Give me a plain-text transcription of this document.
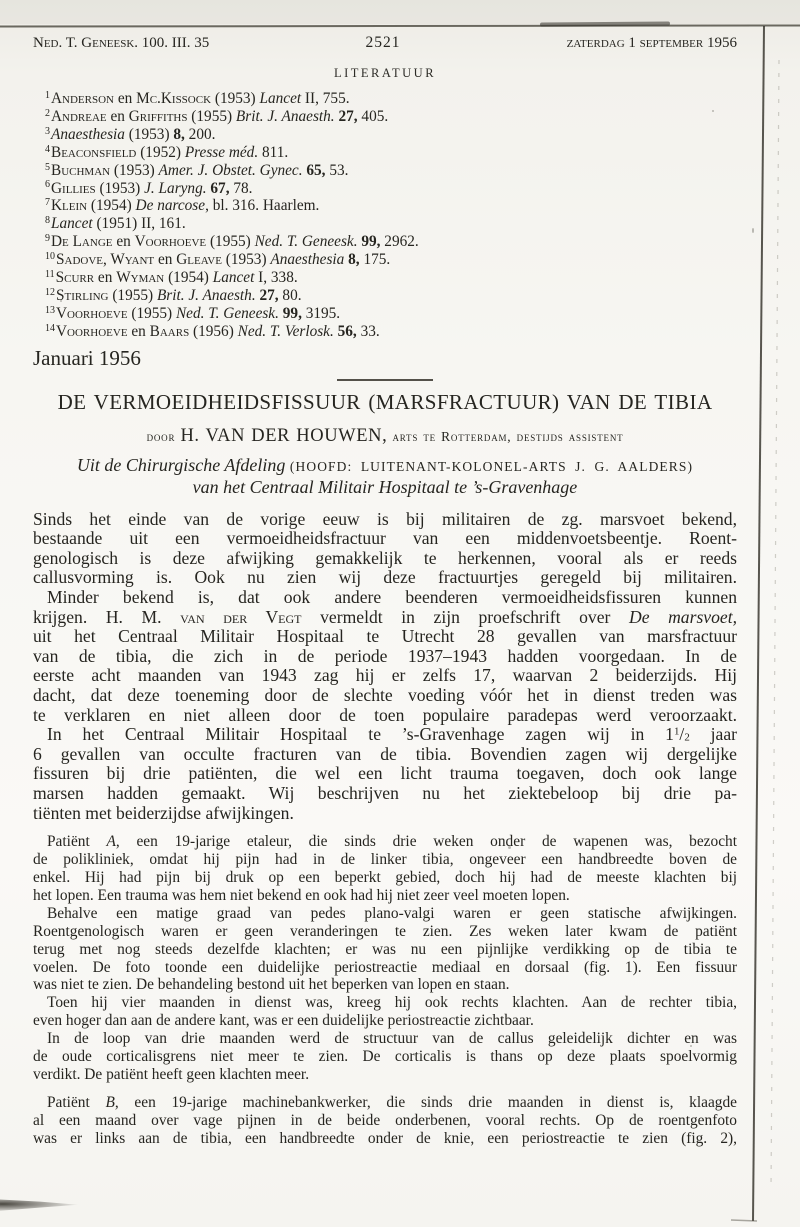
Ned. T. Geneesk. 100. III. 35	2521	zaterdag 1 september 1956
LITERATUUR
$^1$Anderson en Mc.Kissock (1953) Lancet II, 755.
$^2$Andreae en Griffiths (1955) Brit. J. Anaesth. 27, 405.
$^3$Anaesthesia (1953) 8, 200.
$^4$Beaconsfield (1952) Presse méd. 811.
$^5$Buchman (1953) Amer. J. Obstet. Gynec. 65, 53.
$^6$Gillies (1953) J. Laryng. 67, 78.
$^7$Klein (1954) De narcose, bl. 316. Haarlem.
$^8$Lancet (1951) II, 161.
$^9$De Lange en Voorhoeve (1955) Ned. T. Geneesk. 99, 2962.
$^{10}$Sadove, Wyant en Gleave (1953) Anaesthesia 8, 175.
$^{11}$Scurr en Wyman (1954) Lancet I, 338.
$^{12}$Stirling (1955) Brit. J. Anaesth. 27, 80.
$^{13}$Voorhoeve (1955) Ned. T. Geneesk. 99, 3195.
$^{14}$Voorhoeve en Baars (1956) Ned. T. Verlosk. 56, 33.
Januari 1956
DE VERMOEIDHEIDSFISSUUR (MARSFRACTUUR) VAN DE TIBIA
door H. VAN DER HOUWEN, arts te Rotterdam, destijds assistent
Uit de Chirurgische Afdeling (HOOFD: LUITENANT-KOLONEL-ARTS J. G. AALDERS)
van het Centraal Militair Hospitaal te ’s-Gravenhage
Sinds het einde van de vorige eeuw is bij militairen de zg. marsvoet bekend,
bestaande uit een vermoeidheidsfractuur van een middenvoetsbeentje. Roent-
genologisch is deze afwijking gemakkelijk te herkennen, vooral als er reeds
callusvorming is. Ook nu zien wij deze fractuurtjes geregeld bij militairen.
Minder bekend is, dat ook andere beenderen vermoeidheidsfissuren kunnen
krijgen. H. M. van der Vegt vermeldt in zijn proefschrift over De marsvoet,
uit het Centraal Militair Hospitaal te Utrecht 28 gevallen van marsfractuur
van de tibia, die zich in de periode 1937–1943 hadden voorgedaan. In de
eerste acht maanden van 1943 zag hij er zelfs 17, waarvan 2 beiderzijds. Hij
dacht, dat deze toeneming door de slechte voeding vóór het in dienst treden was
te verklaren en niet alleen door de toen populaire paradepas werd veroorzaakt.
In het Centraal Militair Hospitaal te ’s-Gravenhage zagen wij in $1^1/_2$ jaar
6 gevallen van occulte fracturen van de tibia. Bovendien zagen wij dergelijke
fissuren bij drie patiënten, die wel een licht trauma toegaven, doch ook lange
marsen hadden gemaakt. Wij beschrijven nu het ziektebeloop bij drie pa-
tiënten met beiderzijdse afwijkingen.
Patiënt A, een 19-jarige etaleur, die sinds drie weken onder de wapenen was, bezocht
de polikliniek, omdat hij pijn had in de linker tibia, ongeveer een handbreedte boven de
enkel. Hij had pijn bij druk op een beperkt gebied, doch hij had de meeste klachten bij
het lopen. Een trauma was hem niet bekend en ook had hij niet zeer veel moeten lopen.
Behalve een matige graad van pedes plano-valgi waren er geen statische afwijkingen.
Roentgenologisch waren er geen veranderingen te zien. Zes weken later kwam de patiënt
terug met nog steeds dezelfde klachten; er was nu een pijnlijke verdikking op de tibia te
voelen. De foto toonde een duidelijke periostreactie mediaal en dorsaal (fig. 1). Een fissuur
was niet te zien. De behandeling bestond uit het beperken van lopen en staan.
Toen hij vier maanden in dienst was, kreeg hij ook rechts klachten. Aan de rechter tibia,
even hoger dan aan de andere kant, was er een duidelijke periostreactie zichtbaar.
In de loop van drie maanden werd de structuur van de callus geleidelijk dichter en was
de oude corticalisgrens niet meer te zien. De corticalis is thans op deze plaats spoelvormig
verdikt. De patiënt heeft geen klachten meer.
Patiënt B, een 19-jarige machinebankwerker, die sinds drie maanden in dienst is, klaagde
al een maand over vage pijnen in de beide onderbenen, vooral rechts. Op de roentgenfoto
was er links aan de tibia, een handbreedte onder de knie, een periostreactie te zien (fig. 2),
